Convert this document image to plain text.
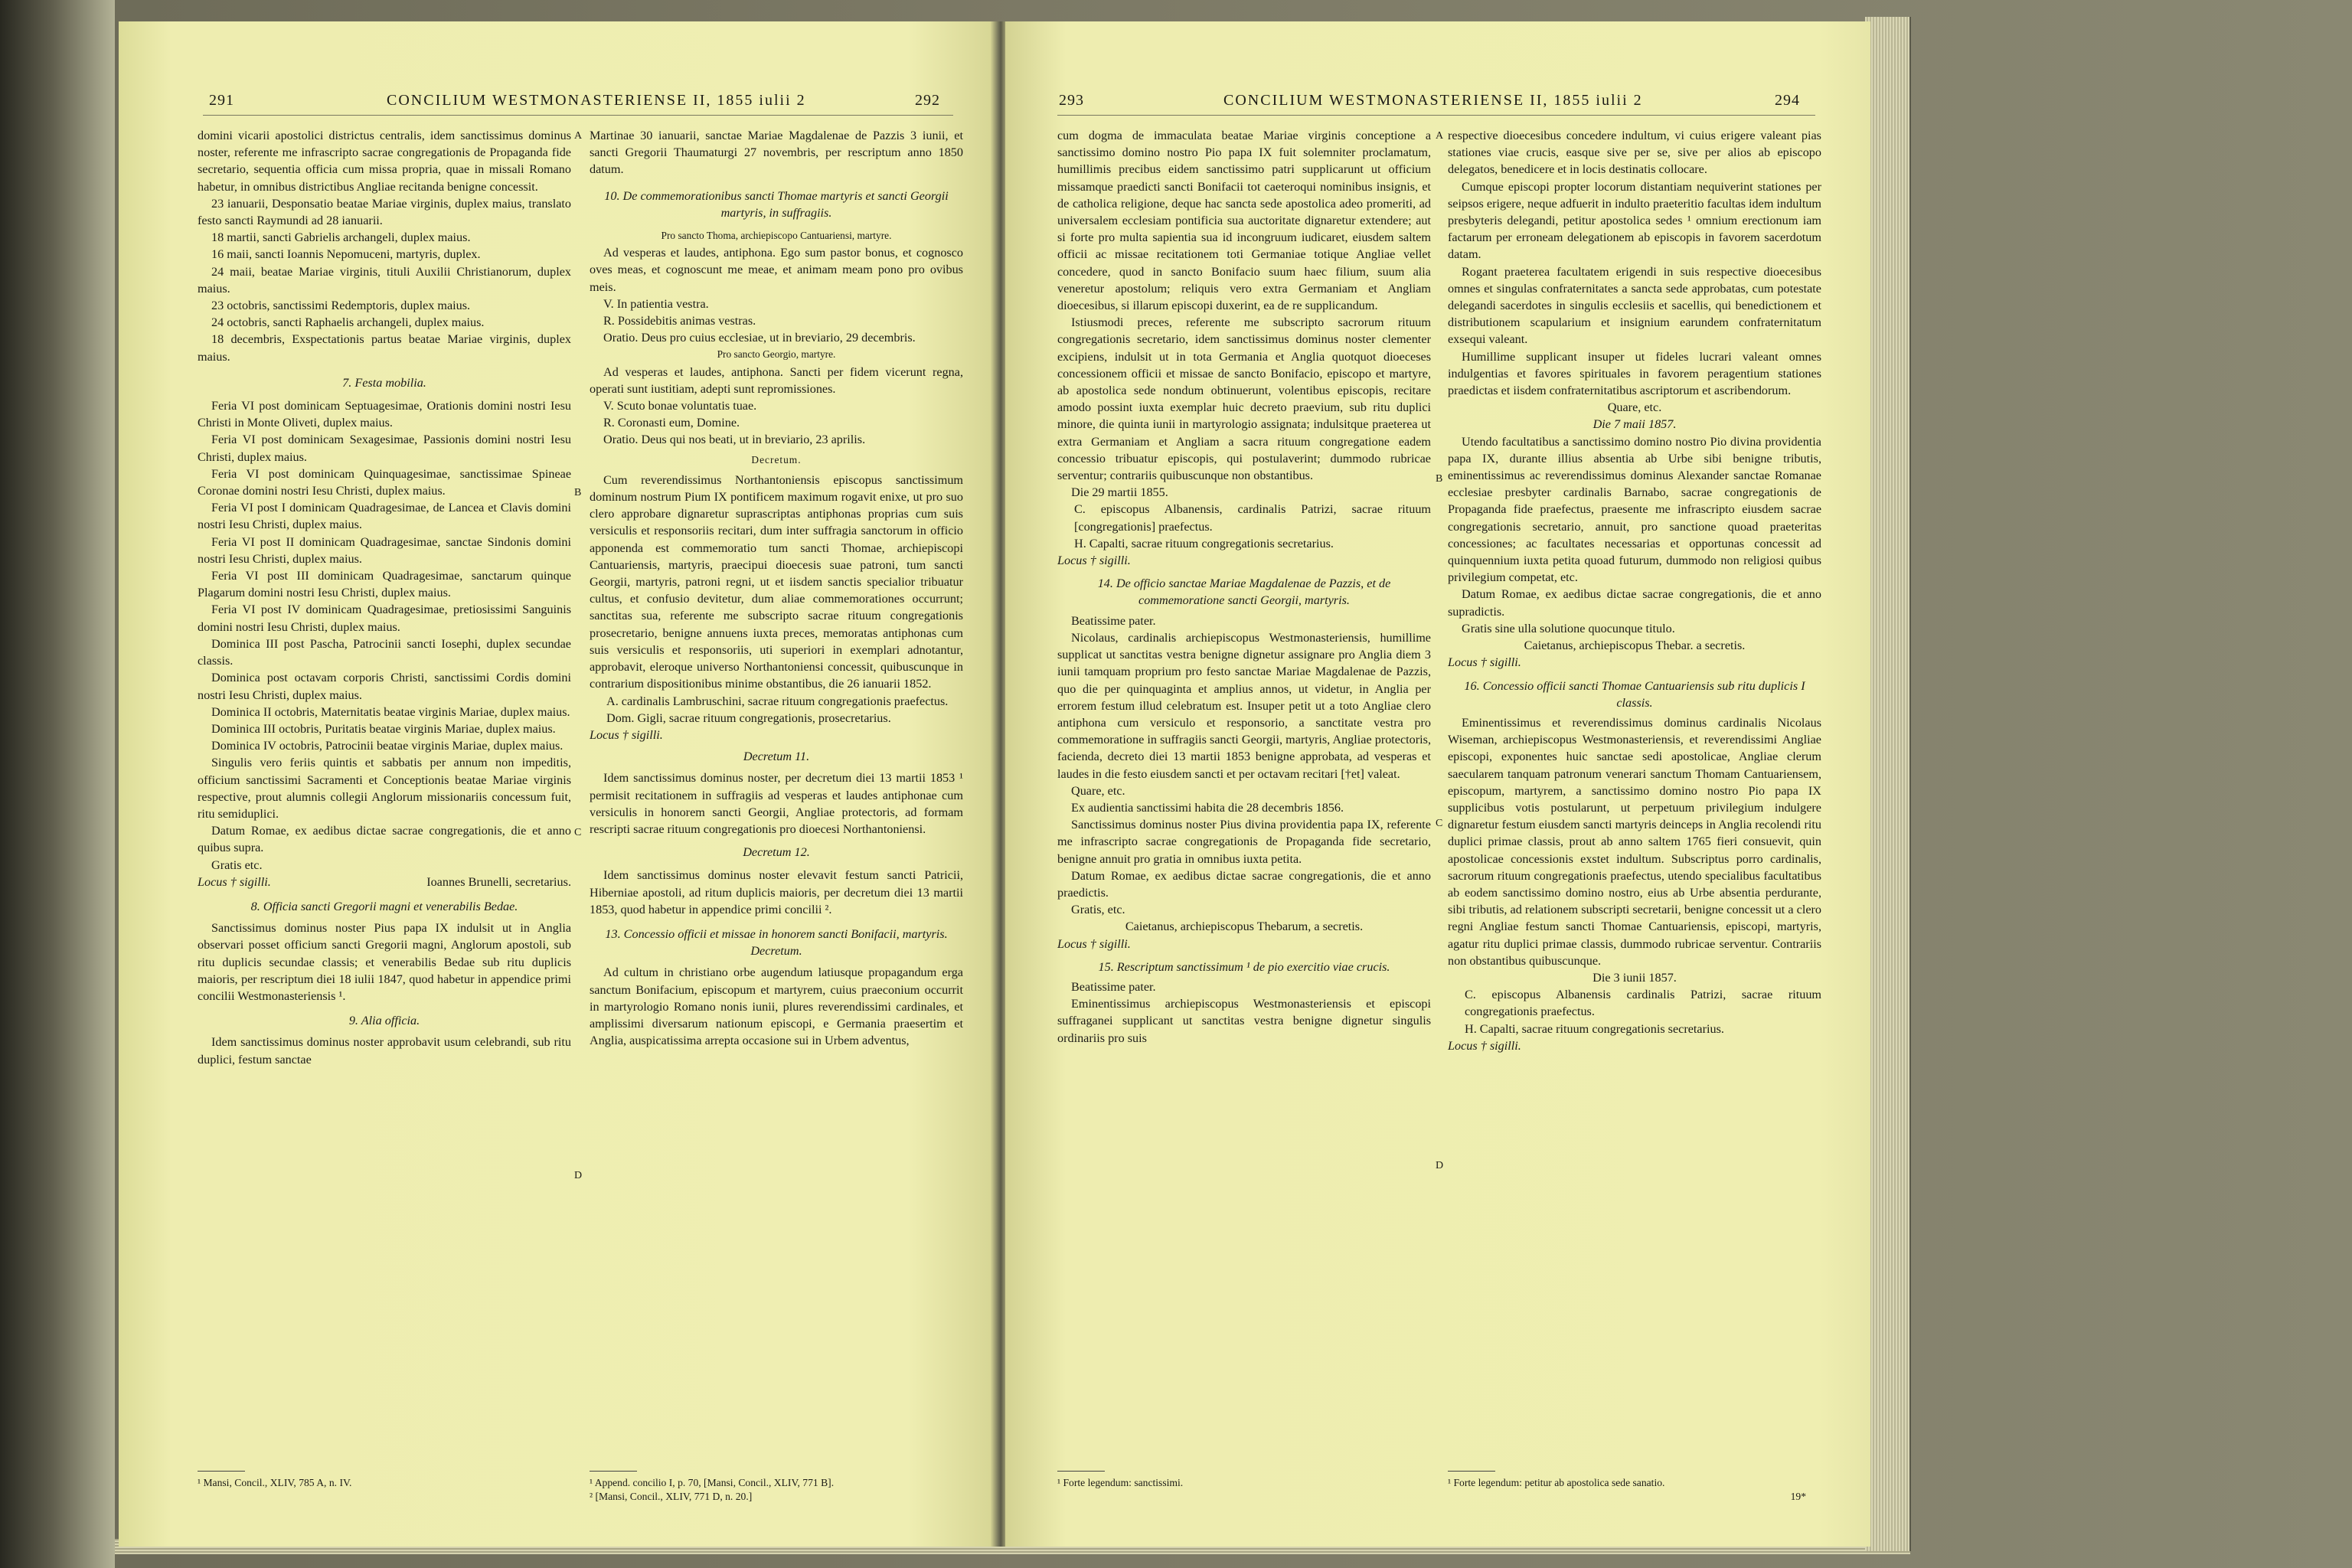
291	CONCILIUM WESTMONASTERIENSE II, 1855 iulii 2	292

domini vicarii apostolici districtus centralis, idem sanctissimus dominus noster, referente me infrascripto sacrae congregationis de Propaganda fide secretario, sequentia officia cum missa propria, quae in missali Romano habetur, in omnibus districtibus Angliae recitanda benigne concessit.

23 ianuarii, Desponsatio beatae Mariae virginis, duplex maius, translato festo sancti Raymundi ad 28 ianuarii.

18 martii, sancti Gabrielis archangeli, duplex maius.

16 maii, sancti Ioannis Nepomuceni, martyris, duplex.

24 maii, beatae Mariae virginis, tituli Auxilii Christianorum, duplex maius.

23 octobris, sanctissimi Redemptoris, duplex maius.

24 octobris, sancti Raphaelis archangeli, duplex maius.

18 decembris, Exspectationis partus beatae Mariae virginis, duplex maius.

7. Festa mobilia.

Feria VI post dominicam Septuagesimae, Orationis domini nostri Iesu Christi in Monte Oliveti, duplex maius.

Feria VI post dominicam Sexagesimae, Passionis domini nostri Iesu Christi, duplex maius.

Feria VI post dominicam Quinquagesimae, sanctissimae Spineae Coronae domini nostri Iesu Christi, duplex maius.

Feria VI post I dominicam Quadragesimae, de Lancea et Clavis domini nostri Iesu Christi, duplex maius.

Feria VI post II dominicam Quadragesimae, sanctae Sindonis domini nostri Iesu Christi, duplex maius.

Feria VI post III dominicam Quadragesimae, sanctarum quinque Plagarum domini nostri Iesu Christi, duplex maius.

Feria VI post IV dominicam Quadragesimae, pretiosissimi Sanguinis domini nostri Iesu Christi, duplex maius.

Dominica III post Pascha, Patrocinii sancti Iosephi, duplex secundae classis.

Dominica post octavam corporis Christi, sanctissimi Cordis domini nostri Iesu Christi, duplex maius.

Dominica II octobris, Maternitatis beatae virginis Mariae, duplex maius.

Dominica III octobris, Puritatis beatae virginis Mariae, duplex maius.

Dominica IV octobris, Patrocinii beatae virginis Mariae, duplex maius.

Singulis vero feriis quintis et sabbatis per annum non impeditis, officium sanctissimi Sacramenti et Conceptionis beatae Mariae virginis respective, prout alumnis collegii Anglorum missionariis concessum fuit, ritu semiduplici.

Datum Romae, ex aedibus dictae sacrae congregationis, die et anno quibus supra.

Gratis etc.

Locus † sigilli.	Ioannes Brunelli, secretarius.

8. Officia sancti Gregorii magni et venerabilis Bedae.

Sanctissimus dominus noster Pius papa IX indulsit ut in Anglia observari posset officium sancti Gregorii magni, Anglorum apostoli, sub ritu duplicis secundae classis; et venerabilis Bedae sub ritu duplicis maioris, per rescriptum diei 18 iulii 1847, quod habetur in appendice primi concilii Westmonasteriensis ¹.

9. Alia officia.

Idem sanctissimus dominus noster approbavit usum celebrandi, sub ritu duplici, festum sanctae

¹ Mansi, Concil., XLIV, 785 A, n. IV.
A
B
C
D

Martinae 30 ianuarii, sanctae Mariae Magdalenae de Pazzis 3 iunii, et sancti Gregorii Thaumaturgi 27 novembris, per rescriptum anno 1850 datum.

10. De commemorationibus sancti Thomae martyris et sancti Georgii martyris, in suffragiis.

Pro sancto Thoma, archiepiscopo Cantuariensi, martyre.

Ad vesperas et laudes, antiphona. Ego sum pastor bonus, et cognosco oves meas, et cognoscunt me meae, et animam meam pono pro ovibus meis.

V. In patientia vestra.

R. Possidebitis animas vestras.

Oratio. Deus pro cuius ecclesiae, ut in breviario, 29 decembris.

Pro sancto Georgio, martyre.

Ad vesperas et laudes, antiphona. Sancti per fidem vicerunt regna, operati sunt iustitiam, adepti sunt repromissiones.

V. Scuto bonae voluntatis tuae.

R. Coronasti eum, Domine.

Oratio. Deus qui nos beati, ut in breviario, 23 aprilis.

Decretum.

Cum reverendissimus Northantoniensis episcopus sanctissimum dominum nostrum Pium IX pontificem maximum rogavit enixe, ut pro suo clero approbare dignaretur suprascriptas antiphonas proprias cum suis versiculis et responsoriis recitari, dum inter suffragia sanctorum in officio apponenda est commemoratio tum sancti Thomae, archiepiscopi Cantuariensis, martyris, praecipui dioecesis suae patroni, tum sancti Georgii, martyris, patroni regni, ut et iisdem sanctis specialior tribuatur cultus, et confusio devitetur, dum aliae commemorationes occurrunt; sanctitas sua, referente me subscripto sacrae rituum congregationis prosecretario, benigne annuens iuxta preces, memoratas antiphonas cum suis versiculis et responsoriis, uti superiori in exemplari adnotantur, approbavit, eleroque universo Northantoniensi concessit, quibuscunque in contrarium dispositionibus minime obstantibus, die 26 ianuarii 1852.

A. cardinalis Lambruschini, sacrae rituum congregationis praefectus.

Dom. Gigli, sacrae rituum congregationis, prosecretarius.

Locus † sigilli.

Decretum 11.

Idem sanctissimus dominus noster, per decretum diei 13 martii 1853 ¹ permisit recitationem in suffragiis ad vesperas et laudes antiphonae cum versiculis in honorem sancti Georgii, Angliae protectoris, ad formam rescripti sacrae rituum congregationis pro dioecesi Northantoniensi.

Decretum 12.

Idem sanctissimus dominus noster elevavit festum sancti Patricii, Hiberniae apostoli, ad ritum duplicis maioris, per decretum diei 13 martii 1853, quod habetur in appendice primi concilii ².

13. Concessio officii et missae in honorem sancti Bonifacii, martyris. Decretum.

Ad cultum in christiano orbe augendum latiusque propagandum erga sanctum Bonifacium, episcopum et martyrem, cuius praeconium occurrit in martyrologio Romano nonis iunii, plures reverendissimi cardinales, et amplissimi diversarum nationum episcopi, e Germania praesertim et Anglia, auspicatissima arrepta occasione sui in Urbem adventus,

¹ Append. concilio I, p. 70, [Mansi, Concil., XLIV, 771 B].
² [Mansi, Concil., XLIV, 771 D, n. 20.]
293	CONCILIUM WESTMONASTERIENSE II, 1855 iulii 2	294

cum dogma de immaculata beatae Mariae virginis conceptione a sanctissimo domino nostro Pio papa IX fuit solemniter proclamatum, humillimis precibus eidem sanctissimo patri supplicarunt ut officium missamque praedicti sancti Bonifacii tot caeteroqui nominibus insignis, et de catholica religione, deque hac sancta sede apostolica adeo promeriti, ad universalem ecclesiam pontificia sua auctoritate dignaretur extendere; aut si forte pro multa sapientia sua id incongruum iudicaret, eiusdem saltem officii ac missae recitationem toti Germaniae totique Angliae vellet concedere, quod in sancto Bonifacio suum haec filium, suum alia veneretur apostolum; reliquis vero extra Germaniam et Angliam dioecesibus, si illarum episcopi duxerint, ea de re supplicandum.

Istiusmodi preces, referente me subscripto sacrorum rituum congregationis secretario, idem sanctissimus dominus noster clementer excipiens, indulsit ut in tota Germania et Anglia quotquot dioeceses concessionem officii et missae de sancto Bonifacio, episcopo et martyre, ab apostolica sede nondum obtinuerunt, volentibus episcopis, recitare amodo possint iuxta exemplar huic decreto praevium, sub ritu duplici minore, die quinta iunii in martyrologio assignata; indulsitque praeterea ut extra Germaniam et Angliam a sacra rituum congregatione eadem concessio tribuatur episcopis, qui postulaverint; dummodo rubricae serventur; contrariis quibuscunque non obstantibus.

Die 29 martii 1855.

C. episcopus Albanensis, cardinalis Patrizi, sacrae rituum [congregationis] praefectus.

H. Capalti, sacrae rituum congregationis secretarius.

Locus † sigilli.

14. De officio sanctae Mariae Magdalenae de Pazzis, et de commemoratione sancti Georgii, martyris.

Beatissime pater.

Nicolaus, cardinalis archiepiscopus Westmonasteriensis, humillime supplicat ut sanctitas vestra benigne dignetur assignare pro Anglia diem 3 iunii tamquam proprium pro festo sanctae Mariae Magdalenae de Pazzis, quo die per quinquaginta et amplius annos, ut videtur, in Anglia per errorem festum illud celebratum est. Insuper petit ut a toto Angliae clero antiphona cum versiculo et responsorio, a sanctitate vestra pro commemoratione in suffragiis sancti Georgii, martyris, Angliae protectoris, facienda, decreto diei 13 martii 1853 benigne approbata, ad vesperas et laudes in die festo eiusdem sancti et per octavam recitari [†et] valeat.

Quare, etc.

Ex audientia sanctissimi habita die 28 decembris 1856.

Sanctissimus dominus noster Pius divina providentia papa IX, referente me infrascripto sacrae congregationis de Propaganda fide secretario, benigne annuit pro gratia in omnibus iuxta petita.

Datum Romae, ex aedibus dictae sacrae congregationis, die et anno praedictis.

Gratis, etc.

Caietanus, archiepiscopus Thebarum, a secretis.

Locus † sigilli.

15. Rescriptum sanctissimum ¹ de pio exercitio viae crucis.

Beatissime pater.

Eminentissimus archiepiscopus Westmonasteriensis et episcopi suffraganei supplicant ut sanctitas vestra benigne dignetur singulis ordinariis pro suis

¹ Forte legendum: sanctissimi.
A
B
C
D

respective dioecesibus concedere indultum, vi cuius erigere valeant pias stationes viae crucis, easque sive per se, sive per alios ab episcopo delegatos, benedicere et in locis destinatis collocare.

Cumque episcopi propter locorum distantiam nequiverint stationes per seipsos erigere, neque adfuerit in indulto praeteritio facultas idem indultum presbyteris delegandi, petitur apostolica sedes ¹ omnium erectionum iam factarum per erroneam delegationem ab episcopis in favorem sacerdotum datam.

Rogant praeterea facultatem erigendi in suis respective dioecesibus omnes et singulas confraternitates a sancta sede approbatas, cum potestate delegandi sacerdotes in singulis ecclesiis et sacellis, qui benedictionem et distributionem scapularium et insignium earundem confraternitatum exsequi valeant.

Humillime supplicant insuper ut fideles lucrari valeant omnes indulgentias et favores spirituales in favorem peragentium stationes praedictas et iisdem confraternitatibus ascriptorum et ascribendorum.

Quare, etc.

Die 7 maii 1857.

Utendo facultatibus a sanctissimo domino nostro Pio divina providentia papa IX, durante illius absentia ab Urbe sibi benigne tributis, eminentissimus ac reverendissimus dominus Alexander sanctae Romanae ecclesiae presbyter cardinalis Barnabo, sacrae congregationis de Propaganda fide praefectus, praesente me infrascripto eiusdem sacrae congregationis secretario, annuit, pro sanctione quoad praeteritas concessiones; ac facultates necessarias et opportunas concessit ad quinquennium iuxta petita quoad futurum, dummodo non religiosi quibus privilegium competat, etc.

Datum Romae, ex aedibus dictae sacrae congregationis, die et anno supradictis.

Gratis sine ulla solutione quocunque titulo.

Caietanus, archiepiscopus Thebar. a secretis.

Locus † sigilli.

16. Concessio officii sancti Thomae Cantuariensis sub ritu duplicis I classis.

Eminentissimus et reverendissimus dominus cardinalis Nicolaus Wiseman, archiepiscopus Westmonasteriensis, et reverendissimi Angliae episcopi, exponentes huic sanctae sedi apostolicae, Angliae clerum saecularem tanquam patronum venerari sanctum Thomam Cantuariensem, episcopum, martyrem, a sanctissimo domino nostro Pio papa IX supplicibus votis postularunt, ut perpetuum privilegium indulgere dignaretur festum eiusdem sancti martyris deinceps in Anglia recolendi ritu duplici primae classis, prout ab anno saltem 1765 fieri consuevit, quin apostolicae concessionis exstet indultum. Subscriptus porro cardinalis, sacrorum rituum congregationis praefectus, utendo specialibus facultatibus ab eodem sanctissimo domino nostro, eius ab Urbe absentia perdurante, sibi tributis, ad relationem subscripti secretarii, benigne concessit ut a clero regni Angliae festum sancti Thomae Cantuariensis, episcopi, martyris, agatur ritu duplici primae classis, dummodo rubricae serventur. Contrariis non obstantibus quibuscunque.

Die 3 iunii 1857.

C. episcopus Albanensis cardinalis Patrizi, sacrae rituum congregationis praefectus.

H. Capalti, sacrae rituum congregationis secretarius.

Locus † sigilli.

¹ Forte legendum: petitur ab apostolica sede sanatio.
19*
